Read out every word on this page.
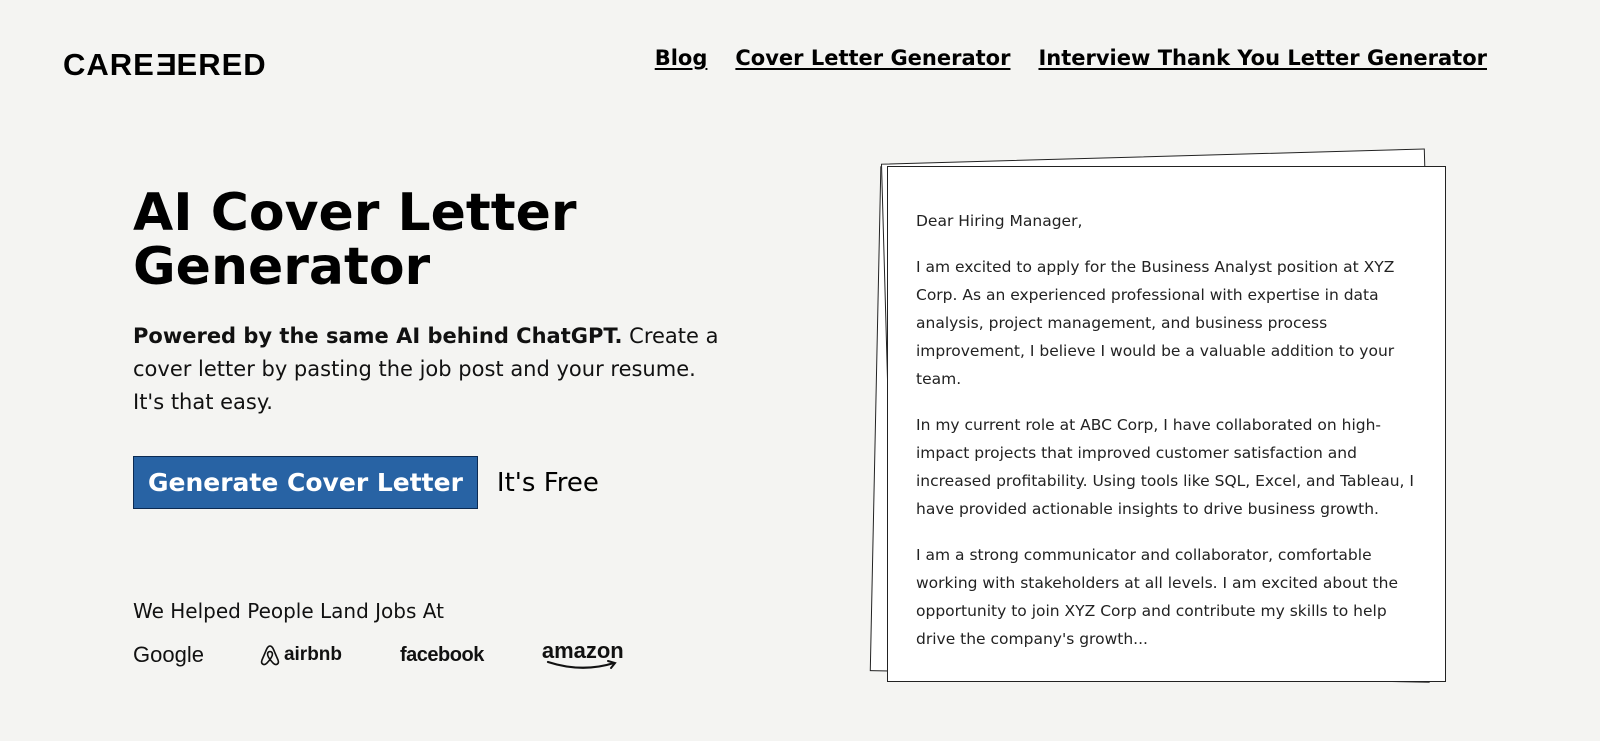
CAREEERED	Blog Cover Letter Generator Interview Thank You Letter Generator
AI Cover Letter Generator

Powered by the same AI behind ChatGPT. Create a cover letter by pasting the job post and your resume. It's that easy.

Generate Cover Letter	It's Free
We Helped People Land Jobs At
Google	airbnb	facebook	amazon

Dear Hiring Manager,

I am excited to apply for the Business Analyst position at XYZ Corp. As an experienced professional with expertise in data analysis, project management, and business process improvement, I believe I would be a valuable addition to your team.

In my current role at ABC Corp, I have collaborated on high-impact projects that improved customer satisfaction and increased profitability. Using tools like SQL, Excel, and Tableau, I have provided actionable insights to drive business growth.

I am a strong communicator and collaborator, comfortable working with stakeholders at all levels. I am excited about the opportunity to join XYZ Corp and contribute my skills to help drive the company's growth...
